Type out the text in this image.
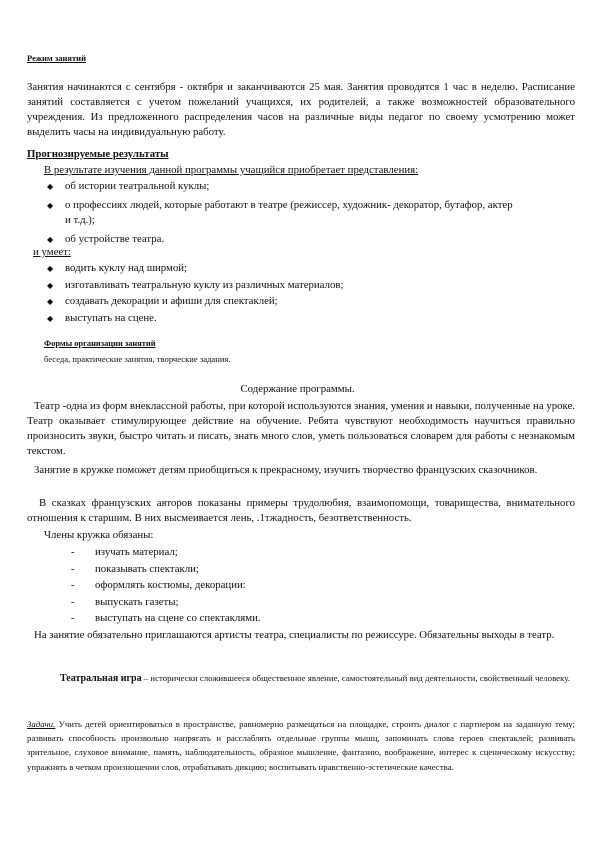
Режим занятий
Занятия начинаются с сентября - октября и заканчиваются 25 мая. Занятия проводятся 1 час в неделю. Расписание занятий составляется с учетом пожеланий учащихся, их родителей, а также возможностей образовательного учреждения. Из предложенного распределения часов на различные виды педагог по своему усмотрению может выделить часы на индивидуальную работу.
Прогнозируемые результаты
В результате изучения данной программы учащийся приобретает представления:
◆ об истории театральной куклы;
◆ о профессиях людей, которые работают в театре (режиссер, художник- декоратор, бутафор, актер
и т.д.);
◆ об устройстве театра.
и умеет:
◆ водить куклу над ширмой;
◆ изготавливать театральную куклу из различных материалов;
◆ создавать декорации и афиши для спектаклей;
◆ выступать на сцене.
Формы организации занятий
беседа, практические занятия, творческие задания.
Содержание программы.
Театр -одна из форм внеклассной работы, при которой используются знания, умения и навыки, полученные на уроке. Театр оказывает стимулирующее действие на обучение. Ребята чувствуют необходимость научиться правильно произносить звуки, быстро читать и писать, знать много слов, уметь пользоваться словарем для работы с незнакомым текстом.
Занятие в кружке поможет детям приобщиться к прекрасному, изучить творчество французских сказочников.
В сказках французских авторов показаны примеры трудолюбия, взаимопомощи, товарищества, внимательного отношения к старшим. В них высмеивается лень, .1тжадность, безответственность.
Члены кружка обязаны:
- изучать материал;
- показывать спектакли;
- оформлять костюмы, декорации:
- выпускать газеты;
- выступать на сцене со спектаклями.
На занятие обязательно приглашаются артисты театра, специалисты по режиссуре. Обязательны выходы в театр.
Театральная игра – исторически сложившееся общественное явление, самостоятельный вид деятельности, свойственный человеку.
Задачи. Учить детей ориентироваться в пространстве, равномерно размещаться на площадке, строить диалог с партнером на заданную тему; развивать способность произвольно напрягать и расслаблять отдельные группы мышц, запоминать слова героев спектаклей; развивать зрительное, слуховое внимание, память, наблюдательность, образное мышление, фантазию, воображение, интерес к сценическому искусству; упражнять в четком произношении слов, отрабатывать дикцию; воспитывать нравственно-эстетические качества.
